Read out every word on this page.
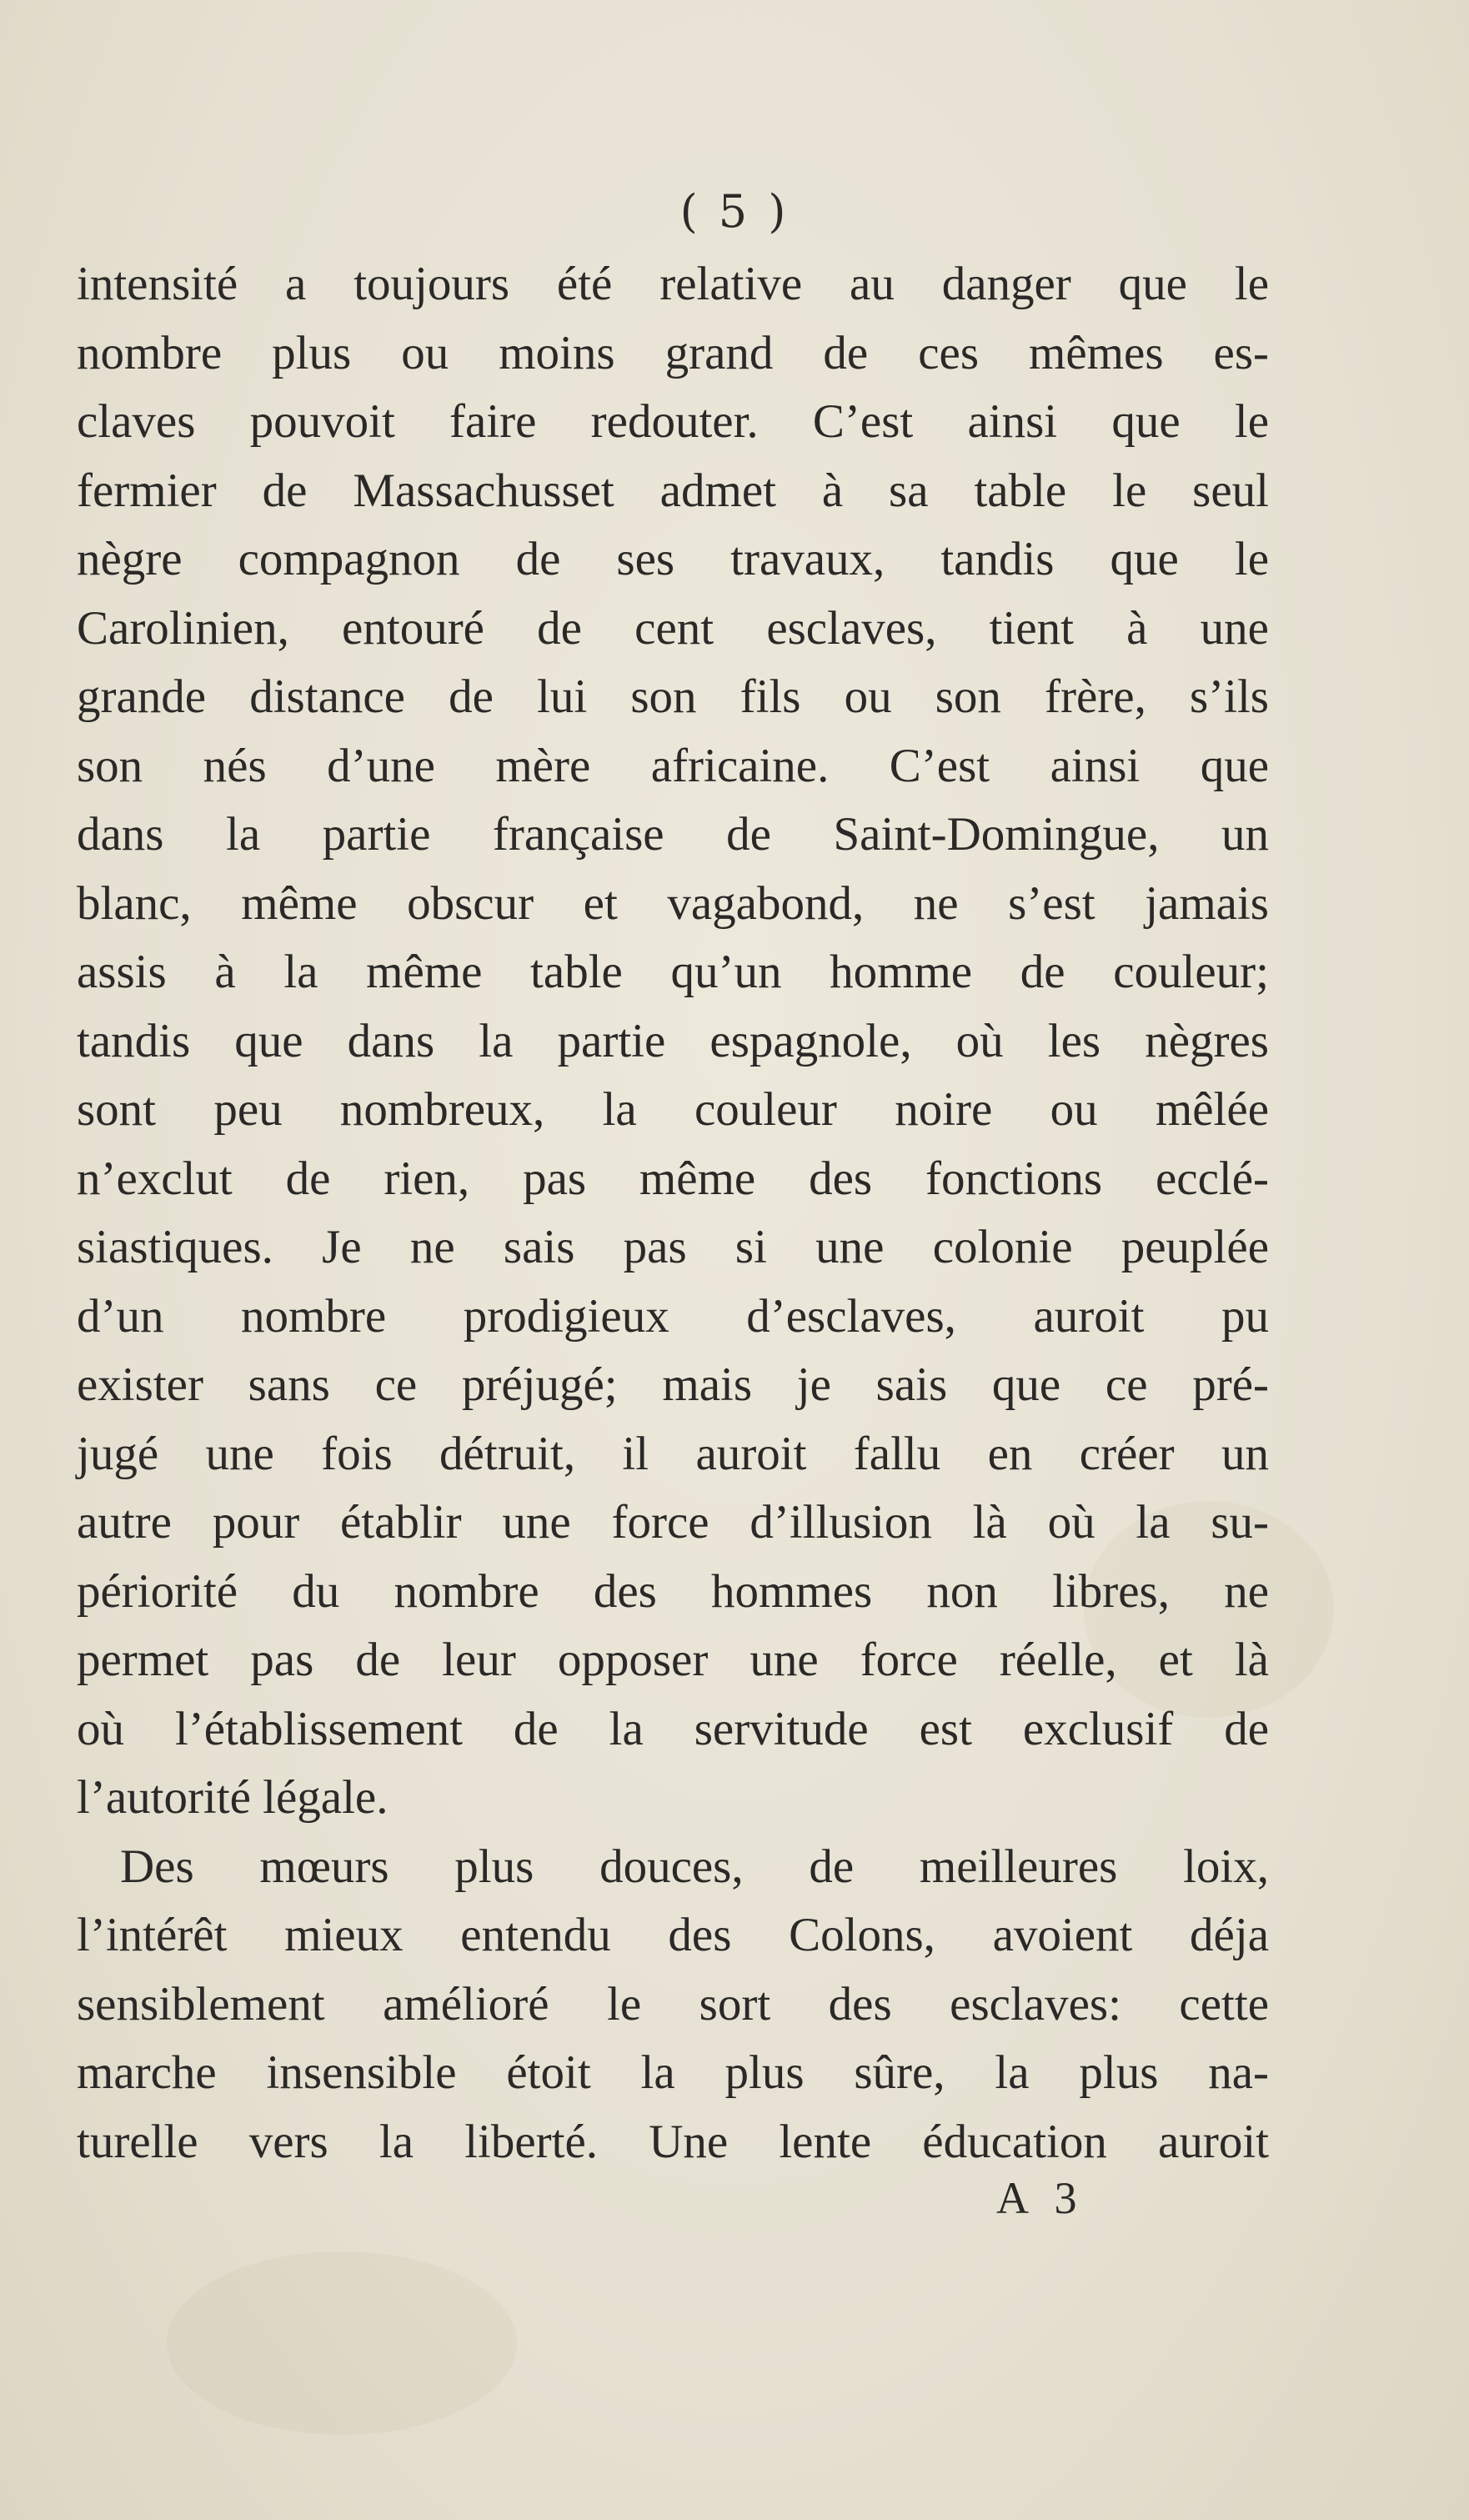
( 5 )
intensité a toujours été relative au danger que le
nombre plus ou moins grand de ces mêmes es-
claves pouvoit faire redouter. C’est ainsi que le
fermier de Massachusset admet à sa table le seul
nègre compagnon de ses travaux, tandis que le
Carolinien, entouré de cent esclaves, tient à une
grande distance de lui son fils ou son frère, s’ils
son nés d’une mère africaine. C’est ainsi que
dans la partie française de Saint-Domingue, un
blanc, même obscur et vagabond, ne s’est jamais
assis à la même table qu’un homme de couleur;
tandis que dans la partie espagnole, où les nègres
sont peu nombreux, la couleur noire ou mêlée
n’exclut de rien, pas même des fonctions ecclé-
siastiques. Je ne sais pas si une colonie peuplée
d’un nombre prodigieux d’esclaves, auroit pu
exister sans ce préjugé; mais je sais que ce pré-
jugé une fois détruit, il auroit fallu en créer un
autre pour établir une force d’illusion là où la su-
périorité du nombre des hommes non libres, ne
permet pas de leur opposer une force réelle, et là
où l’établissement de la servitude est exclusif de
l’autorité légale.
Des mœurs plus douces, de meilleures loix,
l’intérêt mieux entendu des Colons, avoient déja
sensiblement amélioré le sort des esclaves: cette
marche insensible étoit la plus sûre, la plus na-
turelle vers la liberté. Une lente éducation auroit
A 3
